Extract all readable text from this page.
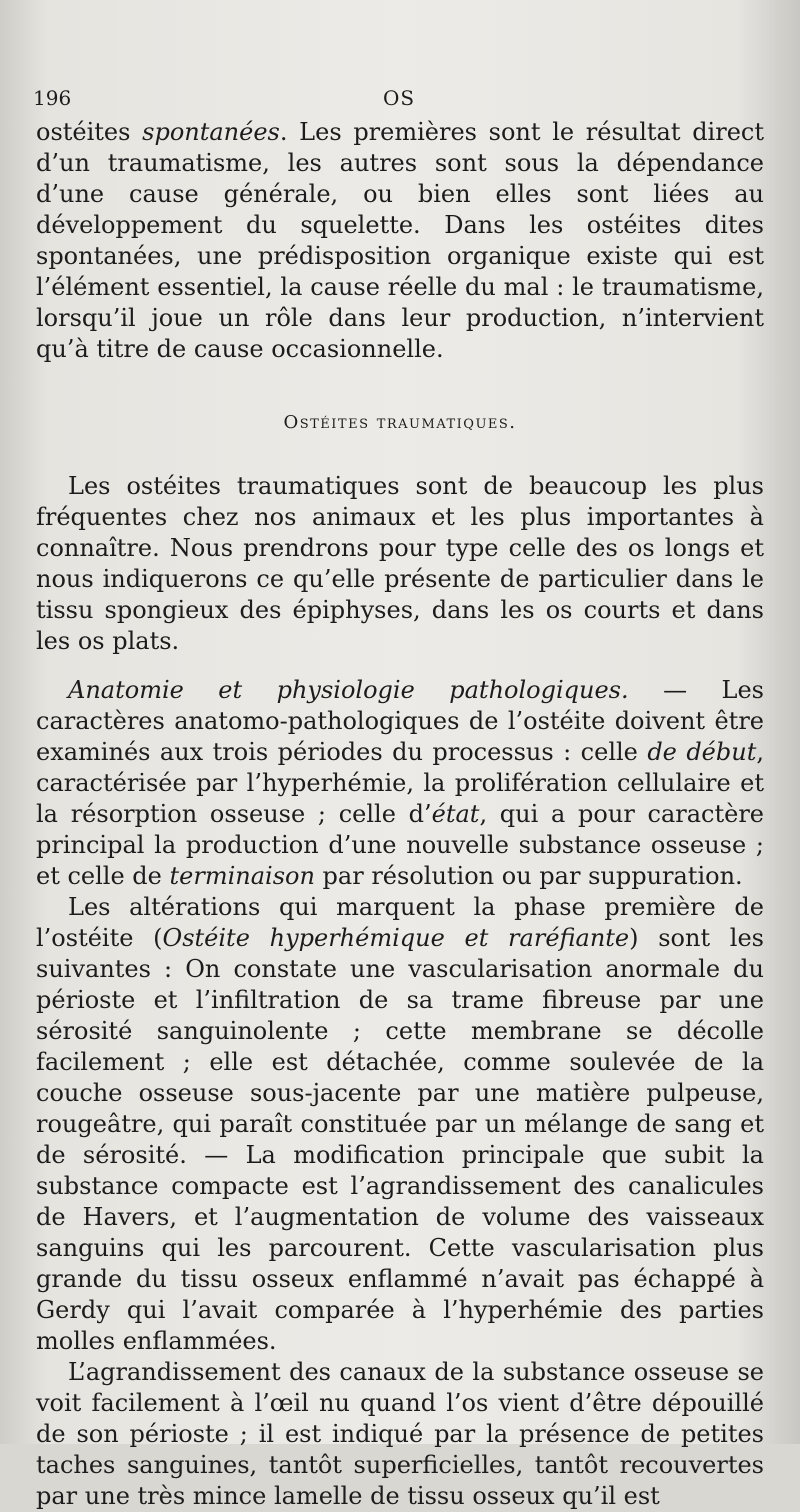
196	OS

ostéites spontanées. Les premières sont le résultat direct d’un traumatisme, les autres sont sous la dépendance d’une cause générale, ou bien elles sont liées au développement du squelette. Dans les ostéites dites spontanées, une prédisposition organique existe qui est l’élément essentiel, la cause réelle du mal : le traumatisme, lorsqu’il joue un rôle dans leur production, n’intervient qu’à titre de cause occasionnelle.

Ostéites traumatiques.

Les ostéites traumatiques sont de beaucoup les plus fréquentes chez nos animaux et les plus importantes à connaître. Nous prendrons pour type celle des os longs et nous indiquerons ce qu’elle présente de particulier dans le tissu spongieux des épiphyses, dans les os courts et dans les os plats.

Anatomie et physiologie pathologiques. — Les caractères anatomo-pathologiques de l’ostéite doivent être examinés aux trois périodes du processus : celle de début, caractérisée par l’hyperhémie, la prolifération cellulaire et la résorption osseuse ; celle d’état, qui a pour caractère principal la production d’une nouvelle substance osseuse ; et celle de terminaison par résolution ou par suppuration.

Les altérations qui marquent la phase première de l’ostéite (Ostéite hyperhémique et raréfiante) sont les suivantes : On constate une vascularisation anormale du périoste et l’infiltration de sa trame fibreuse par une sérosité sanguinolente ; cette membrane se décolle facilement ; elle est détachée, comme soulevée de la couche osseuse sous-jacente par une matière pulpeuse, rougeâtre, qui paraît constituée par un mélange de sang et de sérosité. — La modification principale que subit la substance compacte est l’agrandissement des canalicules de Havers, et l’augmentation de volume des vaisseaux sanguins qui les parcourent. Cette vascularisation plus grande du tissu osseux enflammé n’avait pas échappé à Gerdy qui l’avait comparée à l’hyperhémie des parties molles enflammées.

L’agrandissement des canaux de la substance osseuse se voit facilement à l’œil nu quand l’os vient d’être dépouillé de son périoste ; il est indiqué par la présence de petites taches sanguines, tantôt superficielles, tantôt recouvertes par une très mince lamelle de tissu osseux qu’il est
